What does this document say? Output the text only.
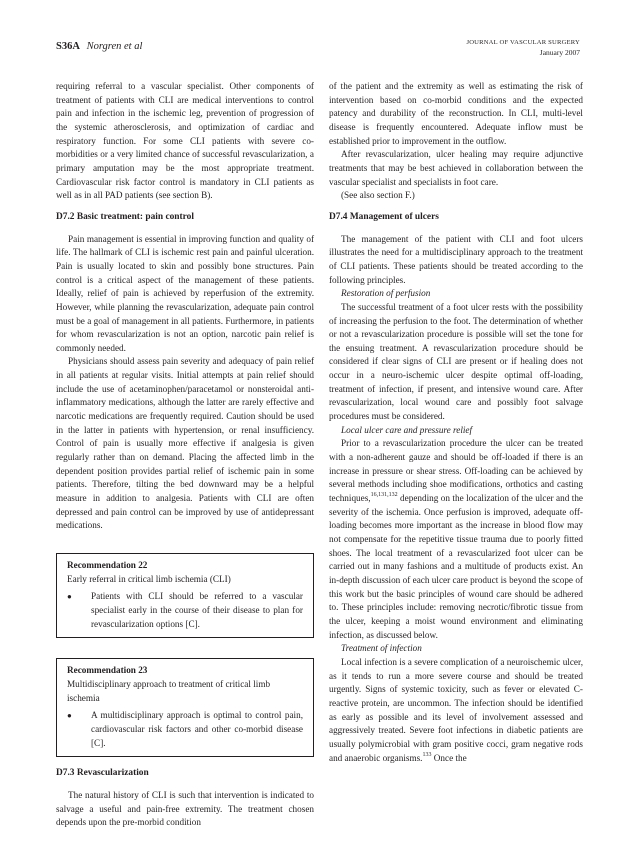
S36A Norgren et al	JOURNAL OF VASCULAR SURGERY
January 2007

requiring referral to a vascular specialist. Other components of treatment of patients with CLI are medical interventions to control pain and infection in the ischemic leg, prevention of progression of the systemic atherosclerosis, and optimization of cardiac and respiratory function. For some CLI patients with severe co-morbidities or a very limited chance of successful revascularization, a primary amputation may be the most appropriate treatment. Cardiovascular risk factor control is mandatory in CLI patients as well as in all PAD patients (see section B).

D7.2 Basic treatment: pain control

Pain management is essential in improving function and quality of life. The hallmark of CLI is ischemic rest pain and painful ulceration. Pain is usually located to skin and possibly bone structures. Pain control is a critical aspect of the management of these patients. Ideally, relief of pain is achieved by reperfusion of the extremity. However, while planning the revascularization, adequate pain control must be a goal of management in all patients. Furthermore, in patients for whom revascularization is not an option, narcotic pain relief is commonly needed.

Physicians should assess pain severity and adequacy of pain relief in all patients at regular visits. Initial attempts at pain relief should include the use of acetaminophen/paracetamol or nonsteroidal anti-inflammatory medications, although the latter are rarely effective and narcotic medications are frequently required. Caution should be used in the latter in patients with hypertension, or renal insufficiency. Control of pain is usually more effective if analgesia is given regularly rather than on demand. Placing the affected limb in the dependent position provides partial relief of ischemic pain in some patients. Therefore, tilting the bed downward may be a helpful measure in addition to analgesia. Patients with CLI are often depressed and pain control can be improved by use of antidepressant medications.

Recommendation 22
Early referral in critical limb ischemia (CLI)
● Patients with CLI should be referred to a vascular specialist early in the course of their disease to plan for revascularization options [C].
Recommendation 23
Multidisciplinary approach to treatment of critical limb ischemia
● A multidisciplinary approach is optimal to control pain, cardiovascular risk factors and other co-morbid disease [C].
D7.3 Revascularization

The natural history of CLI is such that intervention is indicated to salvage a useful and pain-free extremity. The treatment chosen depends upon the pre-morbid condition

of the patient and the extremity as well as estimating the risk of intervention based on co-morbid conditions and the expected patency and durability of the reconstruction. In CLI, multi-level disease is frequently encountered. Adequate inflow must be established prior to improvement in the outflow.

After revascularization, ulcer healing may require adjunctive treatments that may be best achieved in collaboration between the vascular specialist and specialists in foot care.

(See also section F.)

D7.4 Management of ulcers

The management of the patient with CLI and foot ulcers illustrates the need for a multidisciplinary approach to the treatment of CLI patients. These patients should be treated according to the following principles.

Restoration of perfusion

The successful treatment of a foot ulcer rests with the possibility of increasing the perfusion to the foot. The determination of whether or not a revascularization procedure is possible will set the tone for the ensuing treatment. A revascularization procedure should be considered if clear signs of CLI are present or if healing does not occur in a neuro-ischemic ulcer despite optimal off-loading, treatment of infection, if present, and intensive wound care. After revascularization, local wound care and possibly foot salvage procedures must be considered.

Local ulcer care and pressure relief

Prior to a revascularization procedure the ulcer can be treated with a non-adherent gauze and should be off-loaded if there is an increase in pressure or shear stress. Off-loading can be achieved by several methods including shoe modifications, orthotics and casting techniques,$^{16,131,132}$ depending on the localization of the ulcer and the severity of the ischemia. Once perfusion is improved, adequate off-loading becomes more important as the increase in blood flow may not compensate for the repetitive tissue trauma due to poorly fitted shoes. The local treatment of a revascularized foot ulcer can be carried out in many fashions and a multitude of products exist. An in-depth discussion of each ulcer care product is beyond the scope of this work but the basic principles of wound care should be adhered to. These principles include: removing necrotic/fibrotic tissue from the ulcer, keeping a moist wound environment and eliminating infection, as discussed below.

Treatment of infection

Local infection is a severe complication of a neuroischemic ulcer, as it tends to run a more severe course and should be treated urgently. Signs of systemic toxicity, such as fever or elevated C-reactive protein, are uncommon. The infection should be identified as early as possible and its level of involvement assessed and aggressively treated. Severe foot infections in diabetic patients are usually polymicrobial with gram positive cocci, gram negative rods and anaerobic organisms.$^{133}$ Once the
